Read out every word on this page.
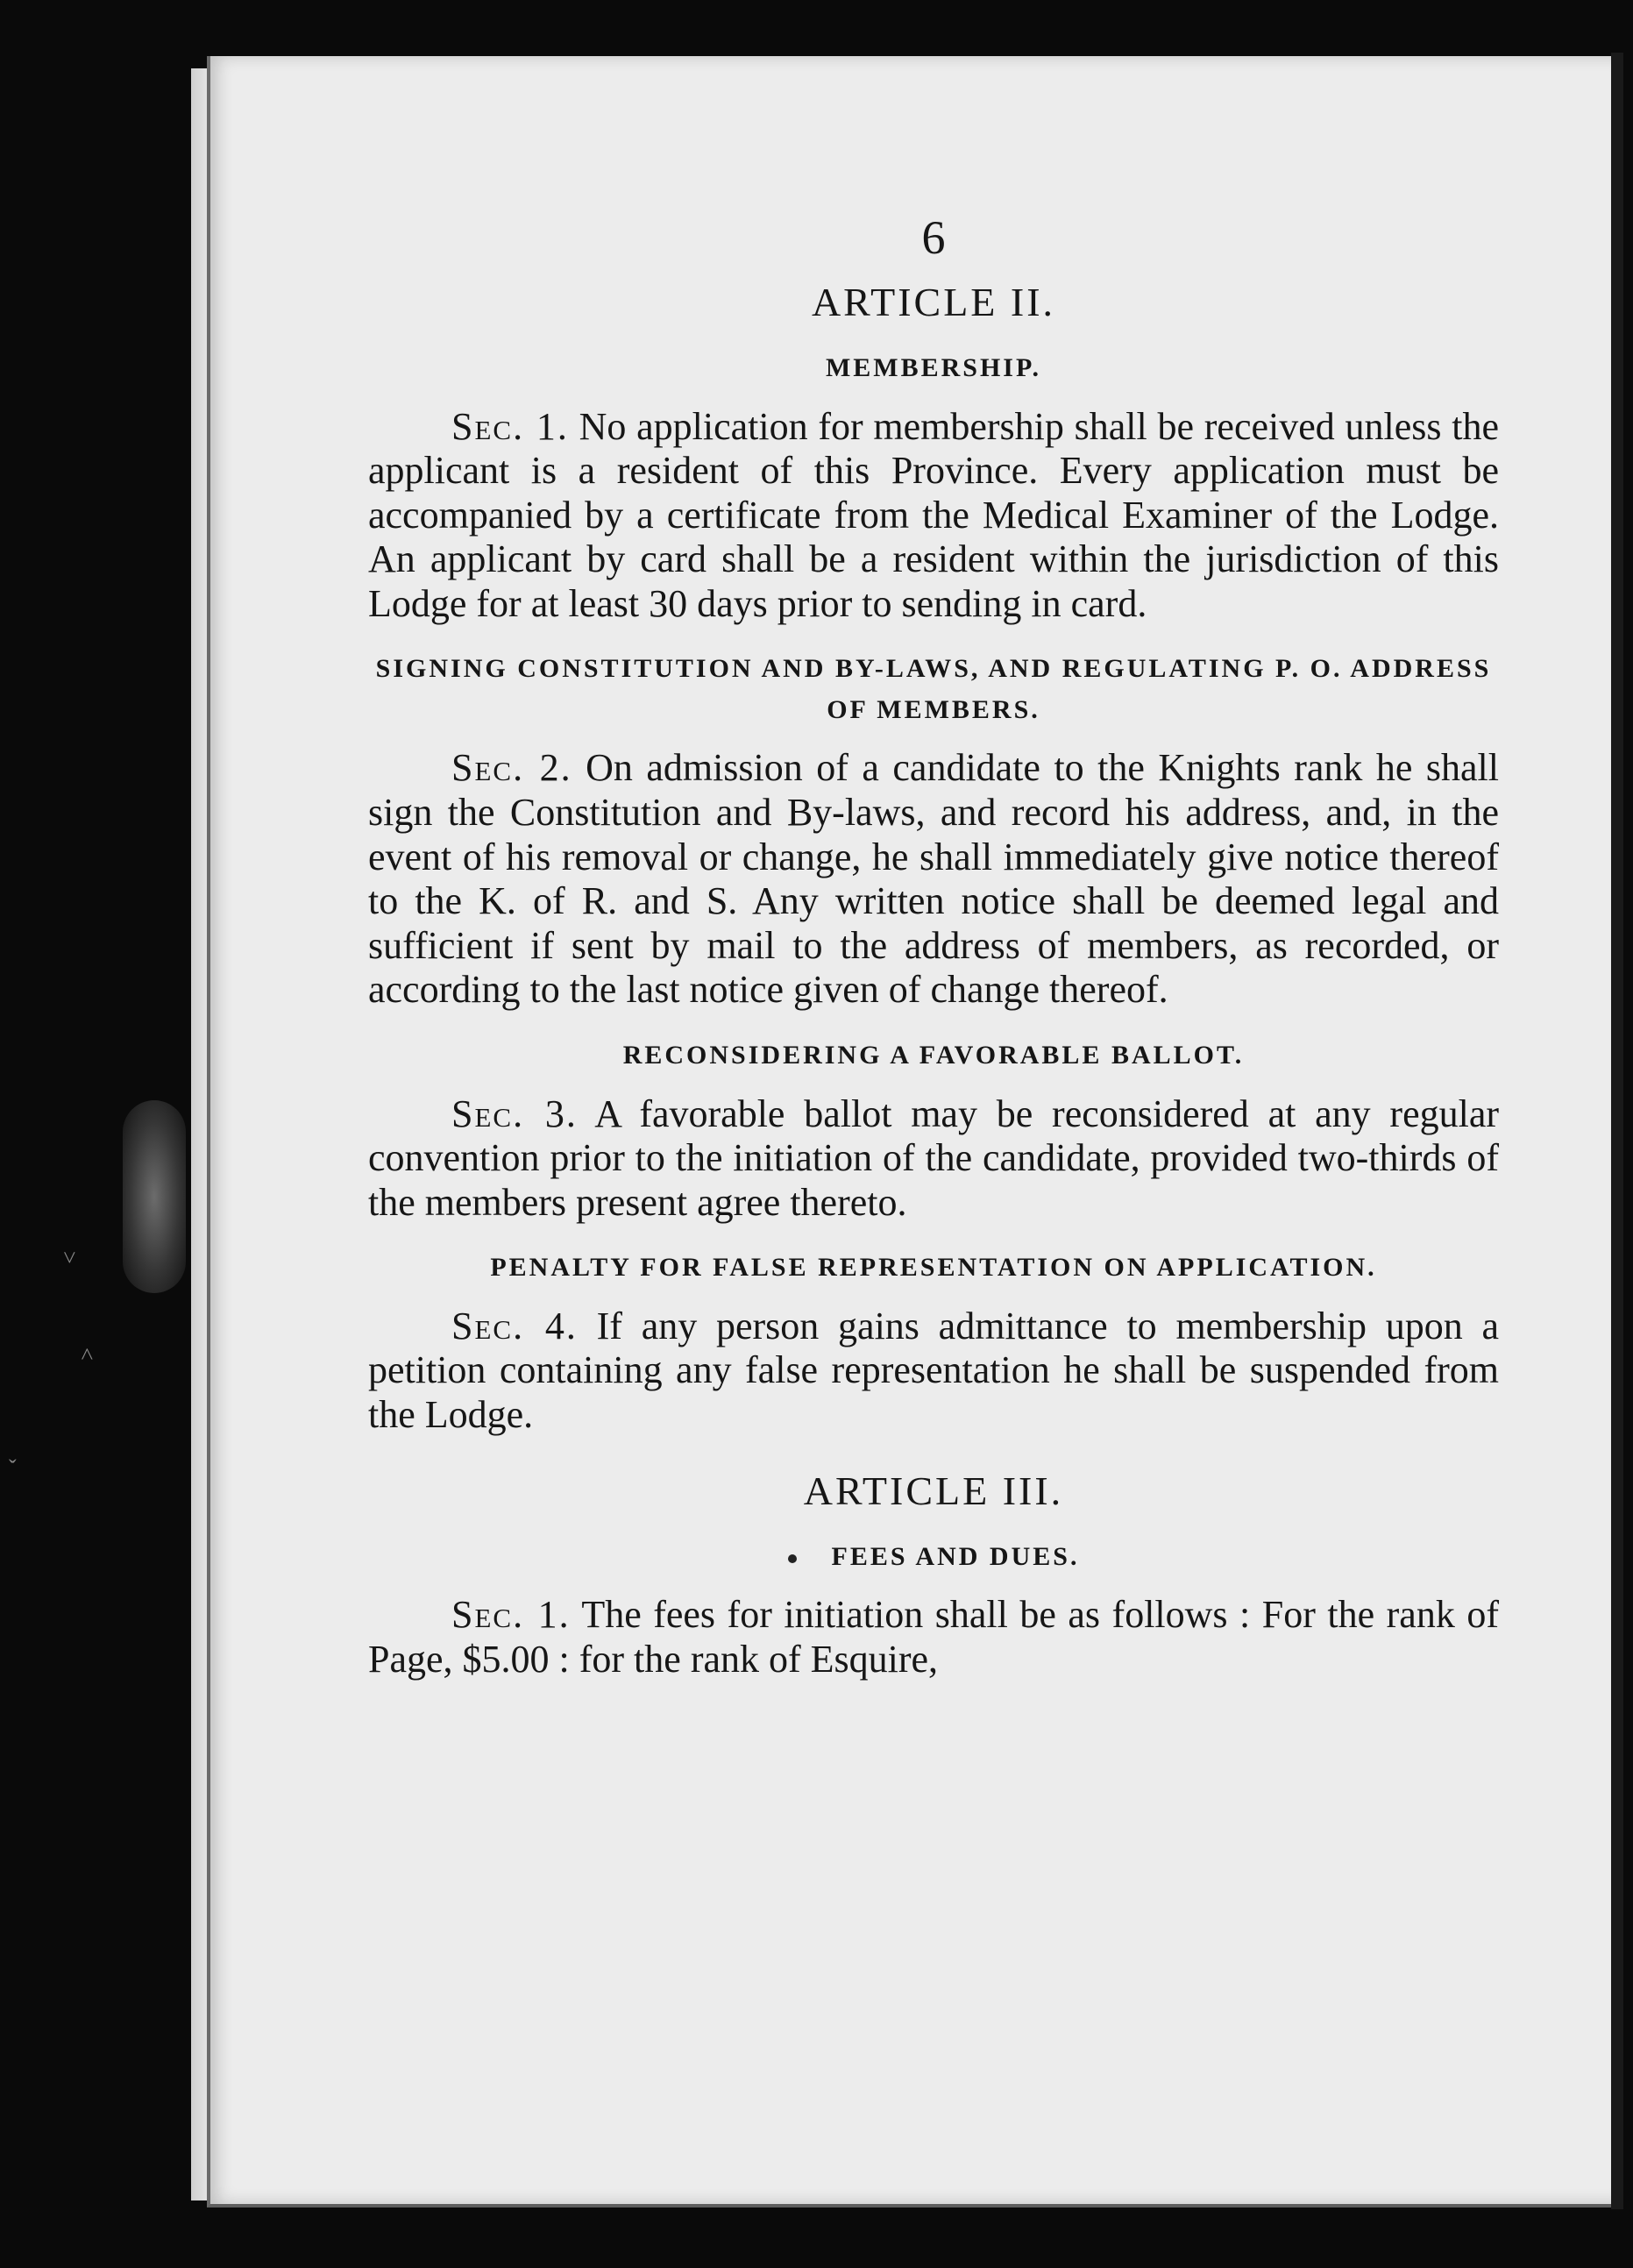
˅
˄
ˇ
6
ARTICLE II.
MEMBERSHIP.

Sec. 1. No application for membership shall be received unless the applicant is a resident of this Province. Every application must be accompanied by a certificate from the Medical Examiner of the Lodge. An applicant by card shall be a resident within the jurisdiction of this Lodge for at least 30 days prior to sending in card.

SIGNING CONSTITUTION AND BY-LAWS, AND REGULATING P. O. ADDRESS OF MEMBERS.

Sec. 2. On admission of a candidate to the Knights rank he shall sign the Constitution and By-laws, and record his address, and, in the event of his removal or change, he shall immediately give notice thereof to the K. of R. and S. Any written notice shall be deemed legal and sufficient if sent by mail to the address of members, as recorded, or according to the last notice given of change thereof.

RECONSIDERING A FAVORABLE BALLOT.

Sec. 3. A favorable ballot may be reconsidered at any regular convention prior to the initiation of the candidate, provided two-thirds of the members present agree thereto.

PENALTY FOR FALSE REPRESENTATION ON APPLICATION.

Sec. 4. If any person gains admittance to membership upon a petition containing any false representation he shall be suspended from the Lodge.

ARTICLE III.
FEES AND DUES.

Sec. 1. The fees for initiation shall be as follows : For the rank of Page, $5.00 : for the rank of Esquire,
